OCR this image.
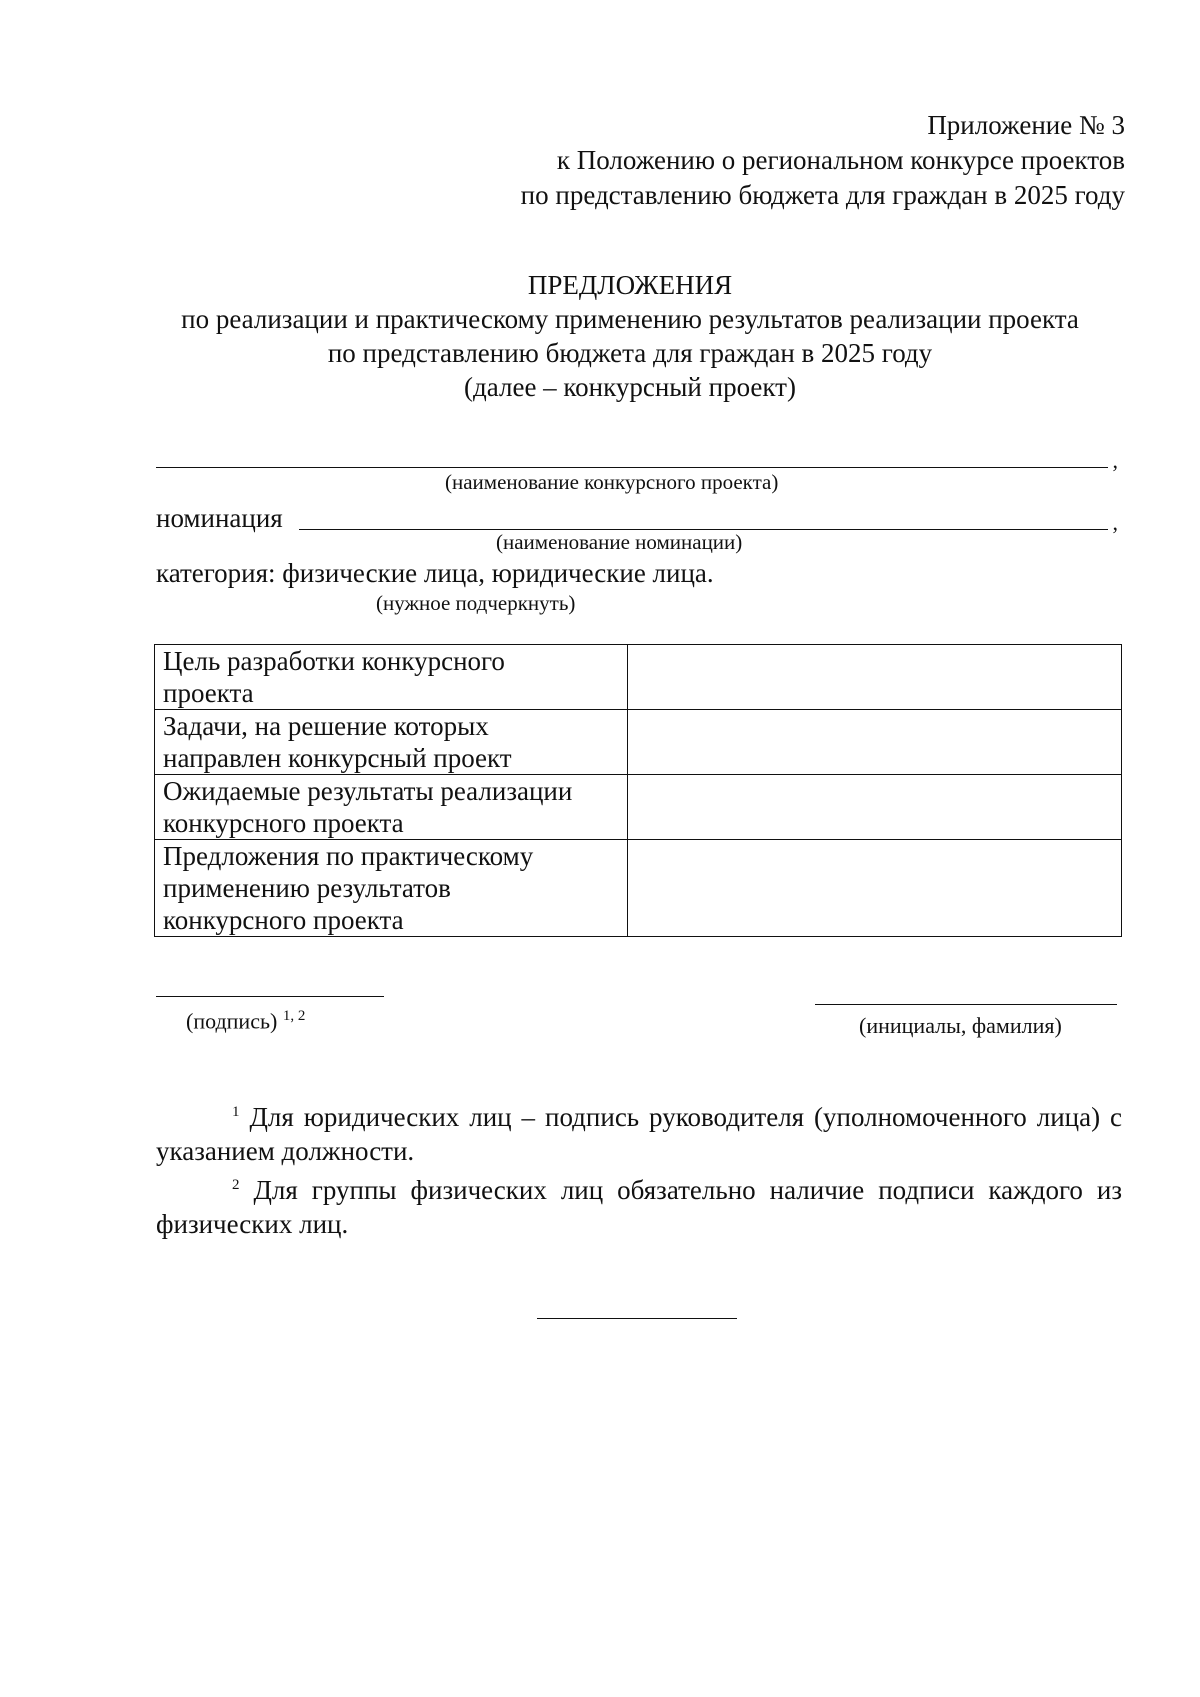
Приложение № 3
к Положению о региональном конкурсе проектов
по представлению бюджета для граждан в 2025 году
ПРЕДЛОЖЕНИЯ
по реализации и практическому применению результатов реализации проекта
по представлению бюджета для граждан в 2025 году
(далее – конкурсный проект)
,
(наименование конкурсного проекта)
номинация	,
(наименование номинации)
категория: физические лица, юридические лица.
(нужное подчеркнуть)
Цель разработки конкурсного
проекта	

Задачи, на решение которых
направлен конкурсный проект	

Ожидаемые результаты реализации
конкурсного проекта	

Предложения по практическому
применению результатов
конкурсного проекта	

(подпись) $^{1, 2}$	(инициалы, фамилия)

$^1$ Для юридических лиц – подпись руководителя (уполномоченного лица) с указанием должности.

$^2$ Для группы физических лиц обязательно наличие подписи каждого из физических лиц.
